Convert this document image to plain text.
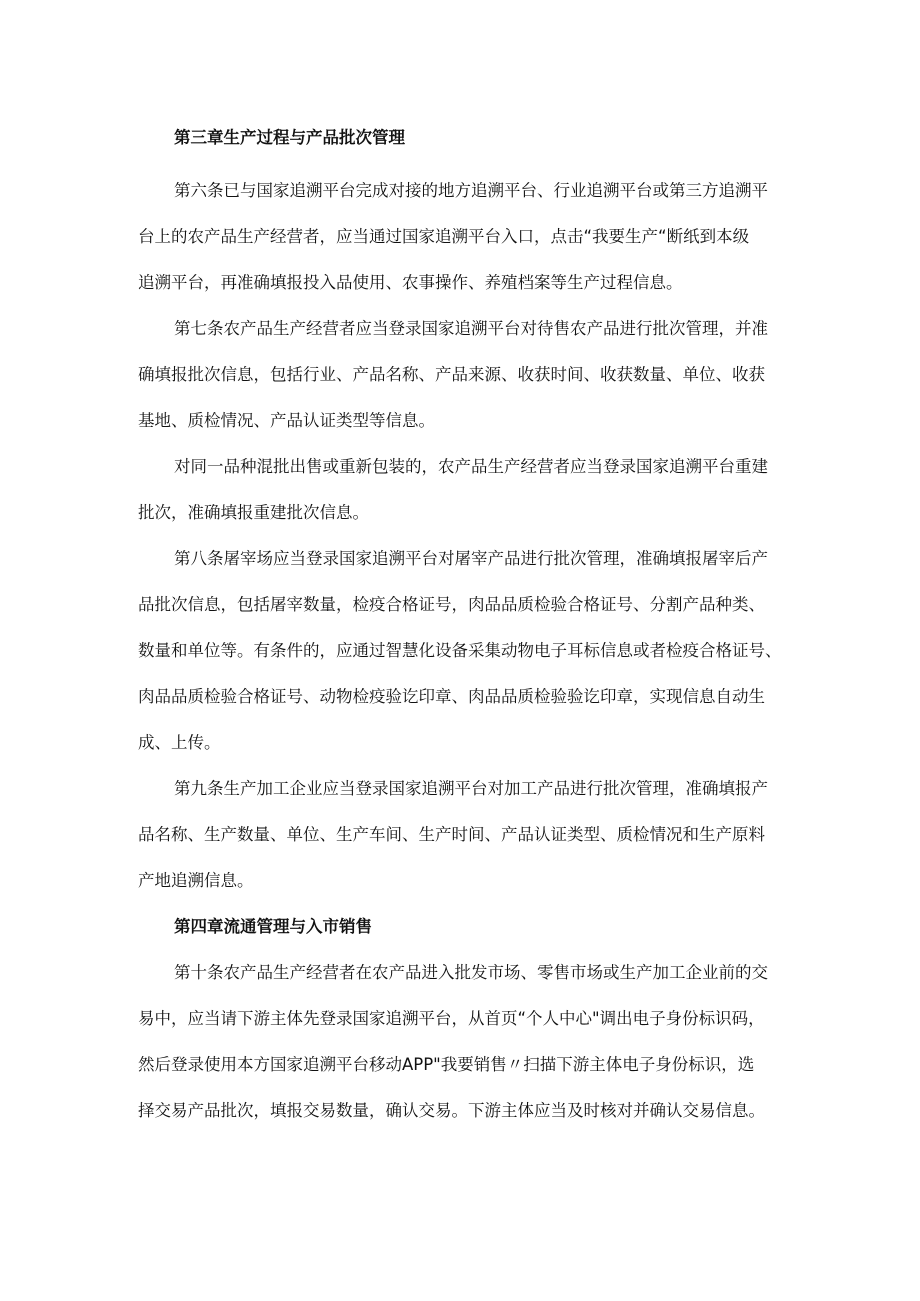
第三章生产过程与产品批次管理

第六条已与国家追溯平台完成对接的地方追溯平台、行业追溯平台或第三方追溯平
台上的农产品生产经营者，应当通过国家追溯平台入口，点击“我要生产“断纸到本级
追溯平台，再准确填报投入品使用、农事操作、养殖档案等生产过程信息。

第七条农产品生产经营者应当登录国家追溯平台对待售农产品进行批次管理，并准
确填报批次信息，包括行业、产品名称、产品来源、收获时间、收获数量、单位、收获
基地、质检情况、产品认证类型等信息。

对同一品种混批出售或重新包装的，农产品生产经营者应当登录国家追溯平台重建
批次，准确填报重建批次信息。

第八条屠宰场应当登录国家追溯平台对屠宰产品进行批次管理，准确填报屠宰后产
品批次信息，包括屠宰数量，检疫合格证号，肉品品质检验合格证号、分割产品种类、
数量和单位等。有条件的，应通过智慧化设备采集动物电子耳标信息或者检疫合格证号、
肉品品质检验合格证号、动物检疫验讫印章、肉品品质检验验讫印章，实现信息自动生
成、上传。

第九条生产加工企业应当登录国家追溯平台对加工产品进行批次管理，准确填报产
品名称、生产数量、单位、生产车间、生产时间、产品认证类型、质检情况和生产原料
产地追溯信息。

第四章流通管理与入市销售

第十条农产品生产经营者在农产品进入批发市场、零售市场或生产加工企业前的交
易中，应当请下游主体先登录国家追溯平台，从首页“个人中心"调出电子身份标识码，
然后登录使用本方国家追溯平台移动APP"我要销售〃扫描下游主体电子身份标识，选
择交易产品批次，填报交易数量，确认交易。下游主体应当及时核对并确认交易信息。
